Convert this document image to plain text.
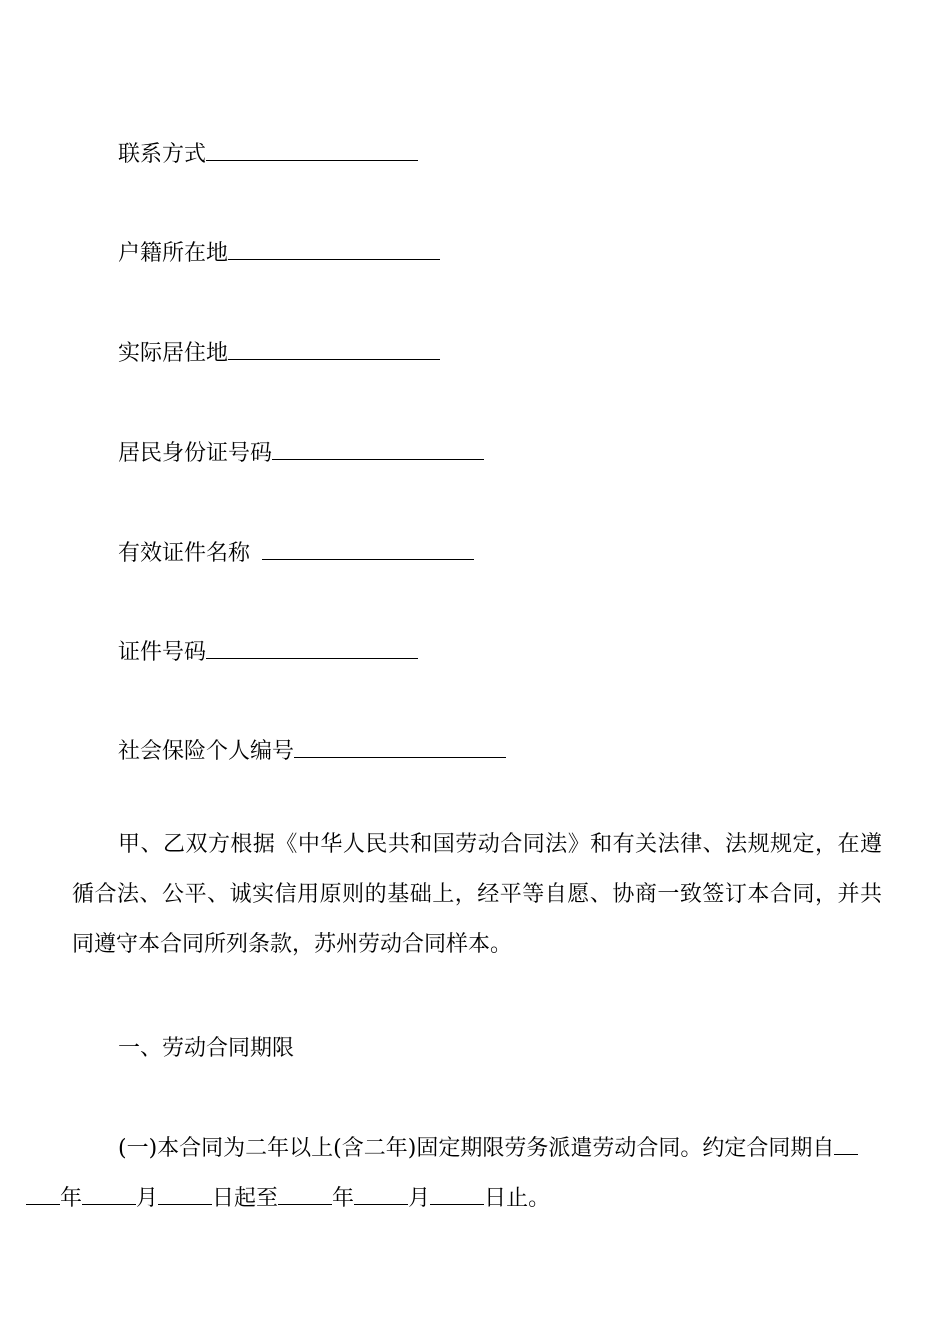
联系方式
户籍所在地
实际居住地
居民身份证号码
有效证件名称
证件号码
社会保险个人编号

甲、乙双方根据《中华人民共和国劳动合同法》和有关法律、法规规定，在遵循合法、公平、诚实信用原则的基础上，经平等自愿、协商一致签订本合同，并共同遵守本合同所列条款，苏州劳动合同样本。

一、劳动合同期限
(一)本合同为二年以上(含二年)固定期限劳务派遣劳动合同。约定合同期自
年 月 日起至 年 月 日止。
